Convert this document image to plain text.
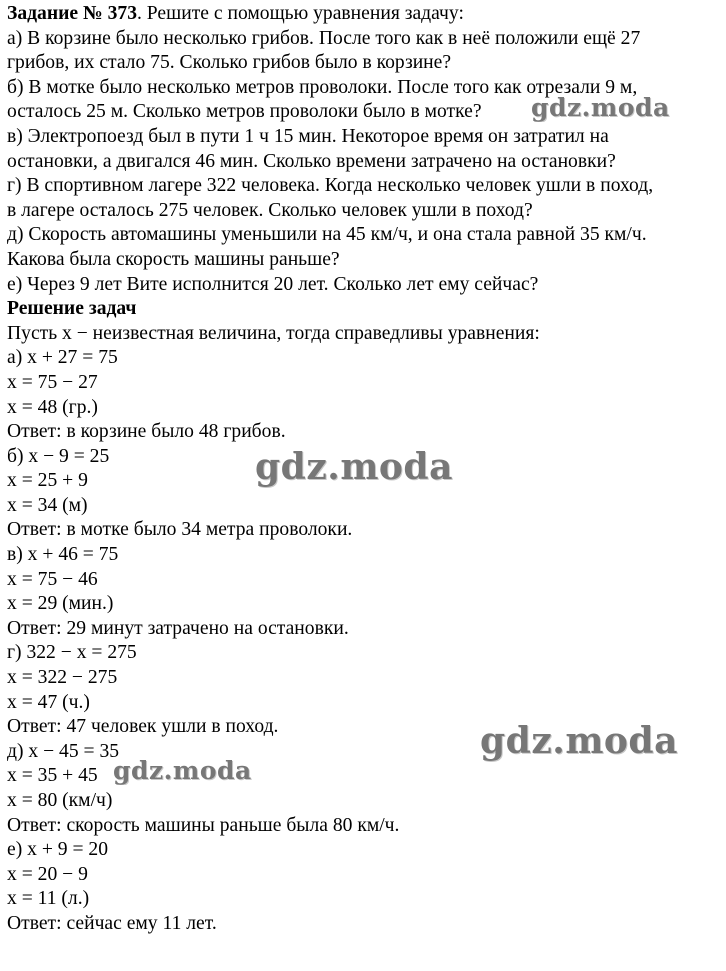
Задание № 373. Решите с помощью уравнения задачу:
а) В корзине было несколько грибов. После того как в неё положили ещё 27
грибов, их стало 75. Сколько грибов было в корзине?
б) В мотке было несколько метров проволоки. После того как отрезали 9 м,
осталось 25 м. Сколько метров проволоки было в мотке?
в) Электропоезд был в пути 1 ч 15 мин. Некоторое время он затратил на
остановки, а двигался 46 мин. Сколько времени затрачено на остановки?
г) В спортивном лагере 322 человека. Когда несколько человек ушли в поход,
в лагере осталось 275 человек. Сколько человек ушли в поход?
д) Скорость автомашины уменьшили на 45 км/ч, и она стала равной 35 км/ч.
Какова была скорость машины раньше?
е) Через 9 лет Вите исполнится 20 лет. Сколько лет ему сейчас?
Решение задач
Пусть x − неизвестная величина, тогда справедливы уравнения:
а) x + 27 = 75
x = 75 − 27
x = 48 (гр.)
Ответ: в корзине было 48 грибов.
б) x − 9 = 25
x = 25 + 9
x = 34 (м)
Ответ: в мотке было 34 метра проволоки.
в) x + 46 = 75
x = 75 − 46
x = 29 (мин.)
Ответ: 29 минут затрачено на остановки.
г) 322 − x = 275
x = 322 − 275
x = 47 (ч.)
Ответ: 47 человек ушли в поход.
д) x − 45 = 35
x = 35 + 45
x = 80 (км/ч)
Ответ: скорость машины раньше была 80 км/ч.
е) x + 9 = 20
x = 20 − 9
x = 11 (л.)
Ответ: сейчас ему 11 лет.
gdz.moda
gdz.moda
gdz.moda
gdz.moda
